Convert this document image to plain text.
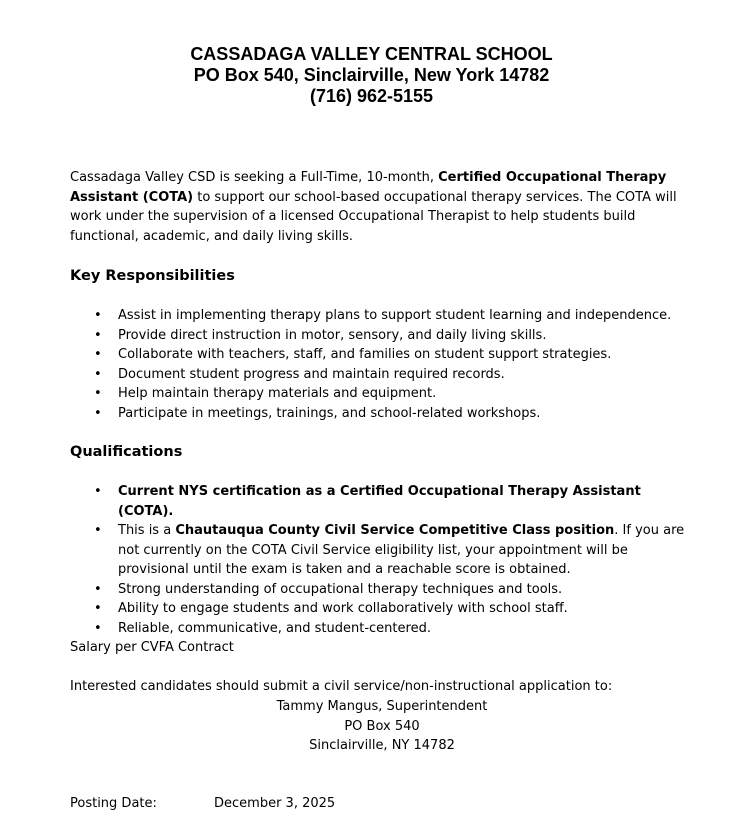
CASSADAGA VALLEY CENTRAL SCHOOL
PO Box 540, Sinclairville, New York 14782
(716) 962-5155
Cassadaga Valley CSD is seeking a Full-Time, 10-month, Certified Occupational Therapy Assistant (COTA) to support our school-based occupational therapy services. The COTA will work under the supervision of a licensed Occupational Therapist to help students build functional, academic, and daily living skills.
Key Responsibilities
• Assist in implementing therapy plans to support student learning and independence.
• Provide direct instruction in motor, sensory, and daily living skills.
• Collaborate with teachers, staff, and families on student support strategies.
• Document student progress and maintain required records.
• Help maintain therapy materials and equipment.
• Participate in meetings, trainings, and school-related workshops.
Qualifications
• Current NYS certification as a Certified Occupational Therapy Assistant (COTA).
• This is a Chautauqua County Civil Service Competitive Class position. If you are not currently on the COTA Civil Service eligibility list, your appointment will be provisional until the exam is taken and a reachable score is obtained.
• Strong understanding of occupational therapy techniques and tools.
• Ability to engage students and work collaboratively with school staff.
• Reliable, communicative, and student-centered.
Salary per CVFA Contract
Interested candidates should submit a civil service/non-instructional application to:
Tammy Mangus, Superintendent
PO Box 540
Sinclairville, NY 14782
Posting Date:	December 3, 2025
